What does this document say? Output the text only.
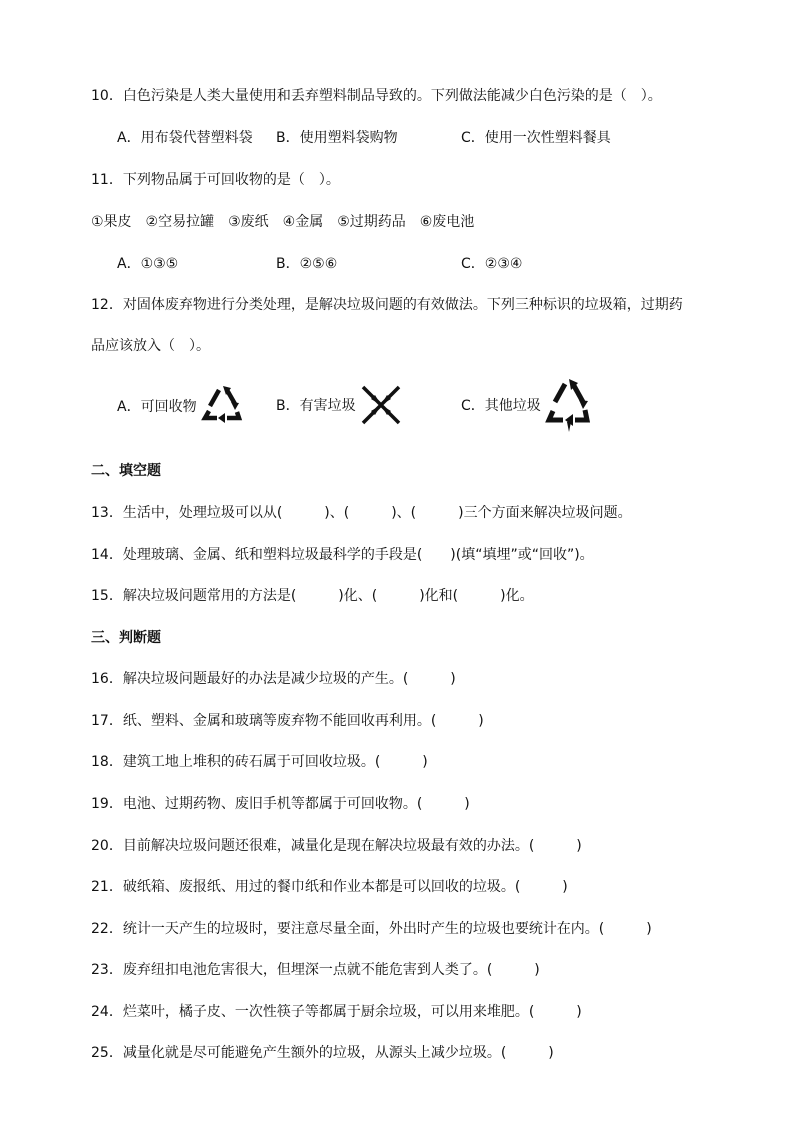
10．白色污染是人类大量使用和丢弃塑料制品导致的。下列做法能减少白色污染的是（　）。
A．用布袋代替塑料袋 B．使用塑料袋购物	C．使用一次性塑料餐具
11．下列物品属于可回收物的是（　）。
①果皮　②空易拉罐　③废纸　④金属　⑤过期药品　⑥废电池
A．①③⑤	B．②⑤⑥	C．②③④
12．对固体废弃物进行分类处理，是解决垃圾问题的有效做法。下列三种标识的垃圾箱，过期药
品应该放入（　）。
A．可回收物	B．有害垃圾	C．其他垃圾
二、填空题
13．生活中，处理垃圾可以从(　　　)、(　　　)、(　　　)三个方面来解决垃圾问题。
14．处理玻璃、金属、纸和塑料垃圾最科学的手段是(　　)(填“填埋”或“回收”)。
15．解决垃圾问题常用的方法是(　　　)化、(　　　)化和(　　　)化。
三、判断题
16．解决垃圾问题最好的办法是减少垃圾的产生。(　　　)
17．纸、塑料、金属和玻璃等废弃物不能回收再利用。(　　　)
18．建筑工地上堆积的砖石属于可回收垃圾。(　　　)
19．电池、过期药物、废旧手机等都属于可回收物。(　　　)
20．目前解决垃圾问题还很难，减量化是现在解决垃圾最有效的办法。(　　　)
21．破纸箱、废报纸、用过的餐巾纸和作业本都是可以回收的垃圾。(　　　)
22．统计一天产生的垃圾时，要注意尽量全面，外出时产生的垃圾也要统计在内。(　　　)
23．废弃纽扣电池危害很大，但埋深一点就不能危害到人类了。(　　　)
24．烂菜叶，橘子皮、一次性筷子等都属于厨余垃圾，可以用来堆肥。(　　　)
25．减量化就是尽可能避免产生额外的垃圾，从源头上减少垃圾。(　　　)
